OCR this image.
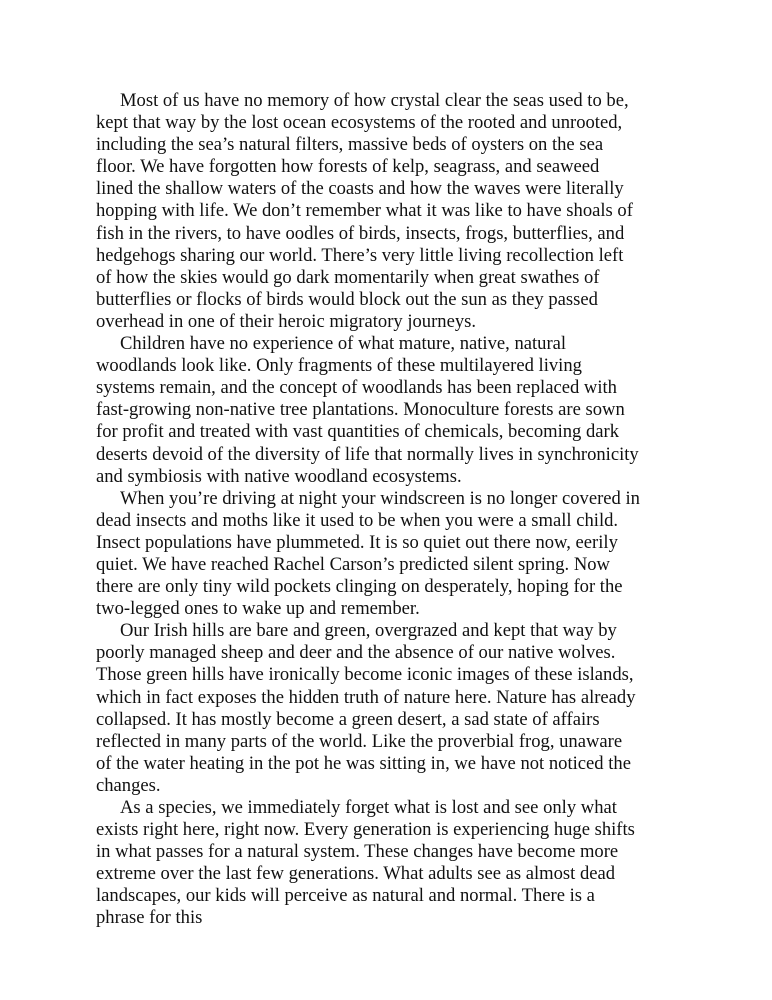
Most of us have no memory of how crystal clear the seas used to be, kept that way by the lost ocean ecosystems of the rooted and unrooted, including the sea’s natural filters, massive beds of oysters on the sea floor. We have forgotten how forests of kelp, seagrass, and seaweed lined the shallow waters of the coasts and how the waves were literally hopping with life. We don’t remember what it was like to have shoals of fish in the rivers, to have oodles of birds, insects, frogs, butterflies, and hedgehogs sharing our world. There’s very little living recollection left of how the skies would go dark momentarily when great swathes of butterflies or flocks of birds would block out the sun as they passed overhead in one of their heroic migratory journeys.

Children have no experience of what mature, native, natural woodlands look like. Only fragments of these multilayered living systems remain, and the concept of woodlands has been replaced with fast-growing non-native tree plantations. Monoculture forests are sown for profit and treated with vast quantities of chemicals, becoming dark deserts devoid of the diversity of life that normally lives in synchronicity and symbiosis with native woodland ecosystems.

When you’re driving at night your windscreen is no longer covered in dead insects and moths like it used to be when you were a small child. Insect populations have plummeted. It is so quiet out there now, eerily quiet. We have reached Rachel Carson’s predicted silent spring. Now there are only tiny wild pockets clinging on desperately, hoping for the two-legged ones to wake up and remember.

Our Irish hills are bare and green, overgrazed and kept that way by poorly managed sheep and deer and the absence of our native wolves. Those green hills have ironically become iconic images of these islands, which in fact exposes the hidden truth of nature here. Nature has already collapsed. It has mostly become a green desert, a sad state of affairs reflected in many parts of the world. Like the proverbial frog, unaware of the water heating in the pot he was sitting in, we have not noticed the changes.

As a species, we immediately forget what is lost and see only what exists right here, right now. Every generation is experiencing huge shifts in what passes for a natural system. These changes have become more extreme over the last few generations. What adults see as almost dead landscapes, our kids will perceive as natural and normal. There is a phrase for this
